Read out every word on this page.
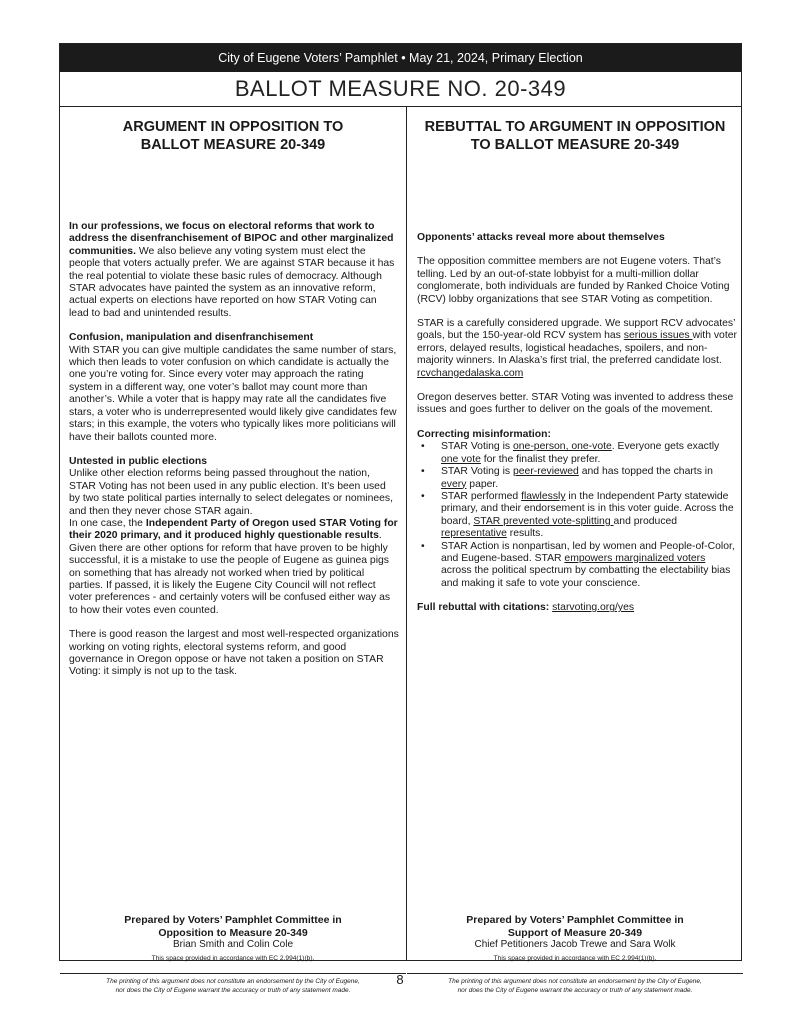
City of Eugene Voters’ Pamphlet • May 21, 2024, Primary Election
BALLOT MEASURE NO. 20-349
ARGUMENT IN OPPOSITION TO
BALLOT MEASURE 20-349

In our professions, we focus on electoral reforms that work to address the disenfranchisement of BIPOC and other marginalized communities. We also believe any voting system must elect the people that voters actually prefer. We are against STAR because it has the real potential to violate these basic rules of democracy. Although STAR advocates have painted the system as an innovative reform, actual experts on elections have reported on how STAR Voting can lead to bad and unintended results.

Confusion, manipulation and disenfranchisement
With STAR you can give multiple candidates the same number of stars, which then leads to voter confusion on which candidate is actually the one you’re voting for. Since every voter may approach the rating system in a different way, one voter’s ballot may count more than another’s. While a voter that is happy may rate all the candidates five stars, a voter who is underrepresented would likely give candidates few stars; in this example, the voters who typically likes more politicians will have their ballots counted more.

Untested in public elections
Unlike other election reforms being passed throughout the nation, STAR Voting has not been used in any public election. It’s been used by two state political parties internally to select delegates or nominees, and then they never chose STAR again.
In one case, the Independent Party of Oregon used STAR Voting for their 2020 primary, and it produced highly questionable results. Given there are other options for reform that have proven to be highly successful, it is a mistake to use the people of Eugene as guinea pigs on something that has already not worked when tried by political parties. If passed, it is likely the Eugene City Council will not reflect voter preferences - and certainly voters will be confused either way as to how their votes even counted.

There is good reason the largest and most well-respected organizations working on voting rights, electoral systems reform, and good governance in Oregon oppose or have not taken a position on STAR Voting: it simply is not up to the task.

Prepared by Voters’ Pamphlet Committee in
Opposition to Measure 20-349
Brian Smith and Colin Cole
This space provided in accordance with EC 2.994(1)(b).
The printing of this argument does not constitute an endorsement by the City of Eugene,
nor does the City of Eugene warrant the accuracy or truth of any statement made.
REBUTTAL TO ARGUMENT IN OPPOSITION
TO BALLOT MEASURE 20-349

Opponents’ attacks reveal more about themselves

The opposition committee members are not Eugene voters. That’s telling. Led by an out-of-state lobbyist for a multi-million dollar conglomerate, both individuals are funded by Ranked Choice Voting (RCV) lobby organizations that see STAR Voting as competition.

STAR is a carefully considered upgrade. We support RCV advocates’ goals, but the 150-year-old RCV system has serious issues with voter errors, delayed results, logistical headaches, spoilers, and non-majority winners. In Alaska’s first trial, the preferred candidate lost.
rcvchangedalaska.com

Oregon deserves better. STAR Voting was invented to address these issues and goes further to deliver on the goals of the movement.

Correcting misinformation:
• STAR Voting is one-person, one-vote. Everyone gets exactly one vote for the finalist they prefer.
• STAR Voting is peer-reviewed and has topped the charts in every paper.
• STAR performed flawlessly in the Independent Party statewide primary, and their endorsement is in this voter guide. Across the board, STAR prevented vote-splitting and produced representative results.
• STAR Action is nonpartisan, led by women and People-of-Color, and Eugene-based. STAR empowers marginalized voters across the political spectrum by combatting the electability bias and making it safe to vote your conscience.

Full rebuttal with citations: starvoting.org/yes

Prepared by Voters’ Pamphlet Committee in
Support of Measure 20-349
Chief Petitioners Jacob Trewe and Sara Wolk
This space provided in accordance with EC 2.994(1)(b).
The printing of this argument does not constitute an endorsement by the City of Eugene,
nor does the City of Eugene warrant the accuracy or truth of any statement made.
8
